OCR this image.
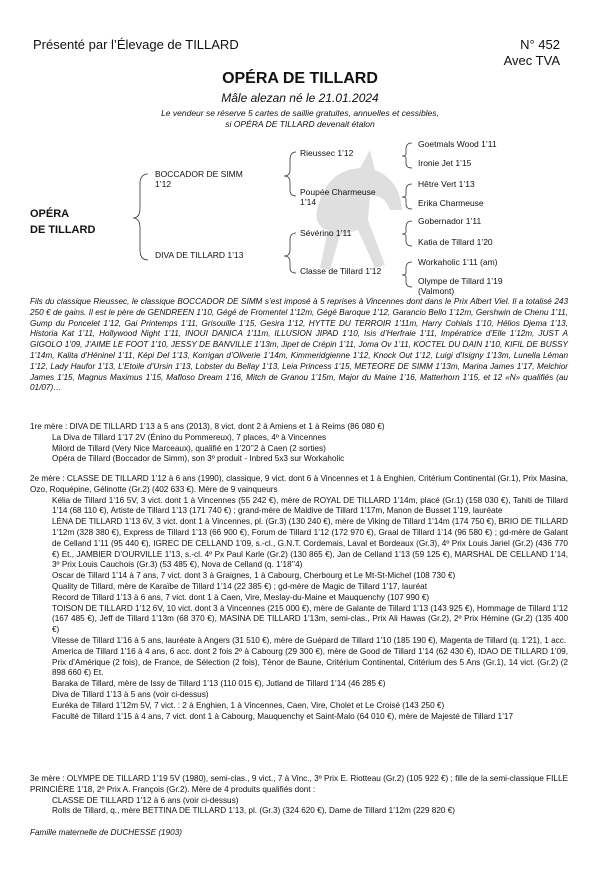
Présenté par l’Élevage de TILLARD	N° 452
Avec TVA
OPÉRA DE TILLARD
Mâle alezan né le 21.01.2024
Le vendeur se réserve 5 cartes de saillie gratuites, annuelles et cessibles,
si OPÉRA DE TILLARD devenait étalon
OPÉRA
DE TILLARD
BOCCADOR DE SIMM
1’12
DIVA DE TILLARD 1’13
Rieussec 1’12
Poupée Charmeuse
1’14
Sévérino 1’11
Classe de Tillard 1’12
Goetmals Wood 1’11
Ironie Jet 1’15
Hêtre Vert 1’13
Erika Charmeuse
Gobernador 1’11
Katia de Tillard 1’20
Workaholic 1’11 (am)
Olympe de Tillard 1’19
(Valmont)

Fils du classique Rieussec, le classique BOCCADOR DE SIMM s’est imposé à 5 reprises à Vincennes dont dans le Prix Albert Viel. Il a totalisé 243 250 € de gains. Il est le père de GENDREEN 1’10, Gégé de Fromentel 1’12m, Gégé Baroque 1’12, Garancio Bello 1’12m, Gershwin de Chenu 1’11, Gump du Poncelet 1’12, Gai Printemps 1’11, Grisouille 1’15, Gesira 1’12, HYTTE DU TERROIR 1’11m, Harry Cohials 1’10, Hélios Djema 1’13, Historia Kat 1’11, Hollywood Night 1’11, INOUI DANICA 1’11m, ILLUSION JIPAD 1’10, Isis d’Herfraie 1’11, Impératrice d’Elle 1’12m, JUST A GIGOLO 1’09, J’AIME LE FOOT 1’10, JESSY DE BANVILLE 1’13m, Jipet de Crépin 1’11, Joma Ov 1’11, KOCTEL DU DAIN 1’10, KIFIL DE BUSSY 1’14m, Kalita d’Héninel 1’11, Képi Del 1’13, Korrigan d’Oliverie 1’14m, Kimmeridgienne 1’12, Knock Out 1’12, Luigi d’Isigny 1’13m, Lunella Léman 1’12, Lady Haufor 1’13, L’Etoile d’Ursin 1’13, Lobster du Bellay 1’13, Leia Princess 1’15, METEORE DE SIMM 1’13m, Marina James 1’17, Melchior James 1’15, Magnus Maximus 1’15, Mafloso Dream 1’16, Mitch de Granou 1’15m, Major du Maine 1’16, Matterhorn 1’15, et 12 «N» qualifiés (au 01/07)…

1re mère : DIVA DE TILLARD 1’13 à 5 ans (2013), 8 vict. dont 2 à Amiens et 1 à Reims (86 080 €)

La Diva de Tillard 1’17 2V (Énino du Pommereux), 7 places, 4º à Vincennes

Milord de Tillard (Very Nice Marceaux), qualifié en 1’20’’2 à Caen (2 sorties)

Opéra de Tillard (Boccador de Simm), son 3º produit - Inbred 5x3 sur Workaholic

2e mère : CLASSE DE TILLARD 1’12 à 6 ans (1990), classique, 9 vict. dont 6 à Vincennes et 1 à Enghien, Critérium Continental (Gr.1), Prix Masina, Ozo, Roquépine, Gélinotte (Gr.2) (402 633 €). Mère de 9 vainqueurs

Kélia de Tillard 1’16 5V, 3 vict. dont 1 à Vincennes (55 242 €), mère de ROYAL DE TILLARD 1’14m, placé (Gr.1) (158 030 €), Tahiti de Tillard 1’14 (68 110 €), Artiste de Tillard 1’13 (171 740 €) ; grand-mère de Maldive de Tillard 1’17m, Manon de Busset 1’19, lauréate

LÉNA DE TILLARD 1’13 6V, 3 vict. dont 1 à Vincennes, pl. (Gr.3) (130 240 €), mère de Viking de Tillard 1’14m (174 750 €), BRIO DE TILLARD 1’12m (328 380 €), Express de Tillard 1’13 (66 900 €), Forum de Tillard 1’12 (172 970 €), Graal de Tillard 1’14 (96 580 €) ; gd-mère de Galant de Celland 1’11 (95 440 €), IGREC DE CELLAND 1’09, s.-cl., G.N.T. Cordemais, Laval et Bordeaux (Gr.3), 4º Prix Louis Jariel (Gr.2) (436 770 €) Et., JAMBIER D’OURVILLE 1’13, s.-cl. 4º Px Paul Karle (Gr.2) (130 865 €), Jan de Celland 1’13 (59 125 €), MARSHAL DE CELLAND 1’14, 3º Prix Louis Cauchois (Gr.3) (53 485 €), Nova de Celland (q. 1’18’’4)

Oscar de Tillard 1’14 à 7 ans, 7 vict. dont 3 à Graignes, 1 à Cabourg, Cherbourg et Le Mt-St-Michel (108 730 €)

Quality de Tillard, mère de Karaïbe de Tillard 1’14 (22 385 €) ; gd-mère de Magic de Tillard 1’17, lauréat

Record de Tillard 1’13 à 6 ans, 7 vict. dont 1 à Caen, Vire, Meslay-du-Maine et Mauquenchy (107 990 €)

TOISON DE TILLARD 1’12 6V, 10 vict. dont 3 à Vincennes (215 000 €), mère de Galante de Tillard 1’13 (143 925 €), Hommage de Tillard 1’12 (167 485 €), Jeff de Tillard 1’13m (68 370 €), MASINA DE TILLARD 1’13m, semi-clas., Prix Ali Hawas (Gr.2), 2º Prix Hémine (Gr.2) (135 400 €)

Vitesse de Tillard 1’16 à 5 ans, lauréate à Angers (31 510 €), mère de Guépard de Tillard 1’10 (185 190 €), Magenta de Tillard (q. 1’21), 1 acc.

America de Tillard 1’16 à 4 ans, 6 acc. dont 2 fois 2º à Cabourg (29 300 €), mère de Good de Tillard 1’14 (62 430 €), IDAO DE TILLARD 1’09, Prix d’Amérique (2 fois), de France, de Sélection (2 fois), Ténor de Baune, Critérium Continental, Critérium des 5 Ans (Gr.1), 14 vict. (Gr.2) (2 898 660 €) Et.

Baraka de Tillard, mère de Issy de Tillard 1’13 (110 015 €), Jutland de Tillard 1’14 (46 285 €)

Diva de Tillard 1’13 à 5 ans (voir ci-dessus)

Euréka de Tillard 1’12m 5V, 7 vict. : 2 à Enghien, 1 à Vincennes, Caen, Vire, Cholet et Le Croisé (143 250 €)

Faculté de Tillard 1’15 à 4 ans, 7 vict. dont 1 à Cabourg, Mauquenchy et Saint-Malo (64 010 €), mère de Majesté de Tillard 1’17

3e mère : OLYMPE DE TILLARD 1’19 5V (1980), semi-clas., 9 vict., 7 à Vinc., 3º Prix E. Riotteau (Gr.2) (105 922 €) ; fille de la semi-classique FILLE PRINCIÈRE 1’18, 2º Prix A. François (Gr.2). Mère de 4 produits qualifiés dont :

CLASSE DE TILLARD 1’12 à 6 ans (voir ci-dessus)

Rolls de Tillard, q., mère BETTINA DE TILLARD 1’13, pl. (Gr.3) (324 620 €), Dame de Tillard 1’12m (229 820 €)

Famille maternelle de DUCHESSE (1903)
